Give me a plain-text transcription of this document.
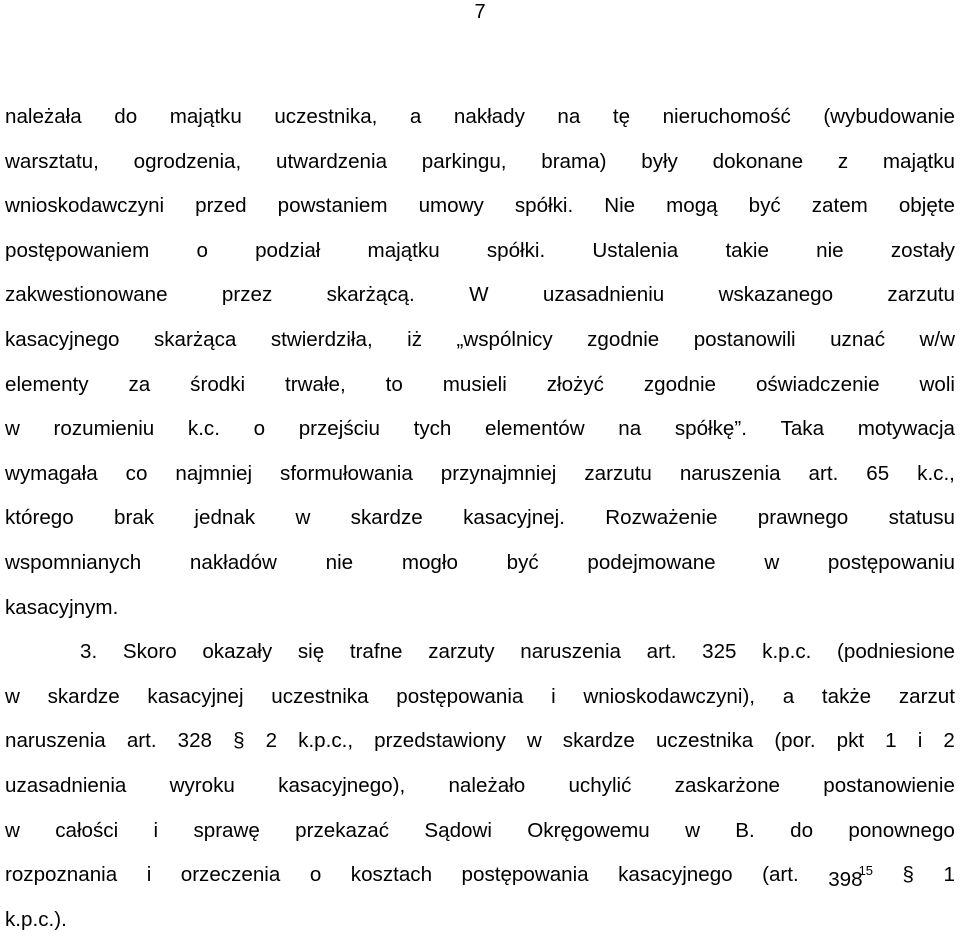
7
należała do majątku uczestnika, a nakłady na tę nieruchomość (wybudowanie
warsztatu, ogrodzenia, utwardzenia parkingu, brama) były dokonane z majątku
wnioskodawczyni przed powstaniem umowy spółki. Nie mogą być zatem objęte
postępowaniem o podział majątku spółki. Ustalenia takie nie zostały
zakwestionowane	przez	skarżącą.	W	uzasadnieniu	wskazanego	zarzutu
kasacyjnego skarżąca stwierdziła, iż „wspólnicy zgodnie postanowili uznać w/w
elementy za środki trwałe, to musieli złożyć zgodnie oświadczenie woli
w rozumieniu k.c. o przejściu tych elementów na spółkę”. Taka motywacja
wymagała co najmniej sformułowania przynajmniej zarzutu naruszenia art. 65 k.c.,
którego brak jednak w skardze kasacyjnej. Rozważenie prawnego statusu
wspomnianych nakładów nie mogło być podejmowane w postępowaniu
kasacyjnym.
3. Skoro okazały się trafne zarzuty naruszenia art. 325 k.p.c. (podniesione
w skardze kasacyjnej uczestnika postępowania i wnioskodawczyni), a także zarzut
naruszenia art. 328 § 2 k.p.c., przedstawiony w skardze uczestnika (por. pkt 1 i 2
uzasadnienia wyroku kasacyjnego), należało uchylić zaskarżone postanowienie
w całości i sprawę przekazać Sądowi Okręgowemu w B. do ponownego
rozpoznania i orzeczenia o kosztach postępowania kasacyjnego (art. 39815 § 1
k.p.c.).
